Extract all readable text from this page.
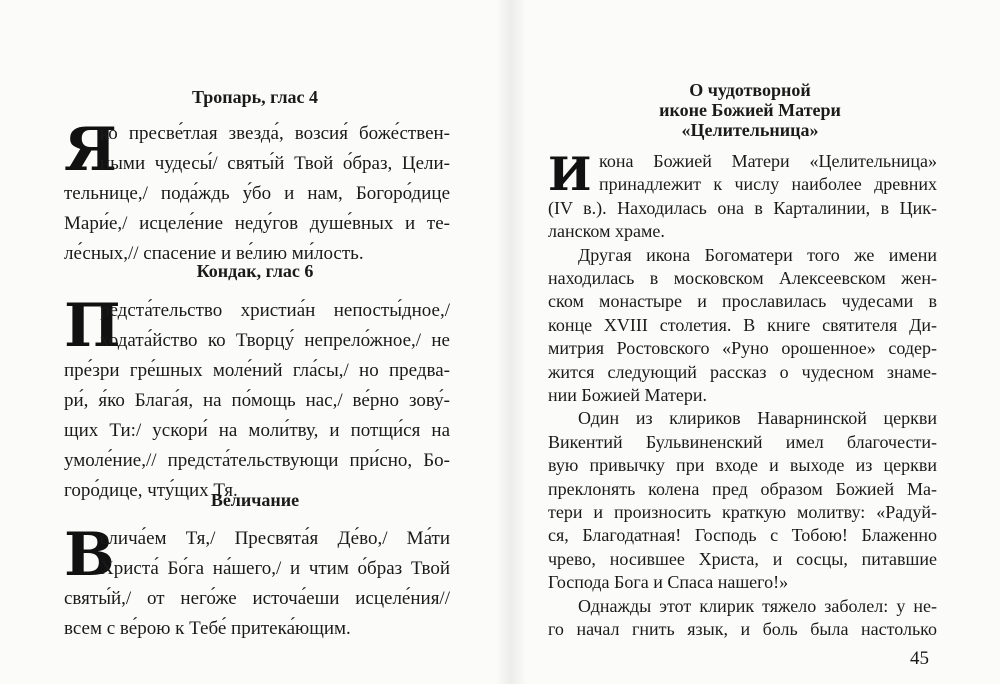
Тропарь, глас 4

Я

ко пресве́тлая звезда́, возсия́ боже́ствен-

ными чудесы́/ святы́й Твой о́браз, Цели-

тельнице,/ пода́ждь у́бо и нам, Богоро́дице

Мари́е,/ исцеле́ние неду́гов душе́вных и те-

ле́сных,// спасение и ве́лию ми́лость.

Кондак, глас 6

П

редста́тельство христиа́н непосты́дное,/

ходата́йство ко Творцу́ непрело́жное,/ не

пре́зри гре́шных моле́ний гла́сы,/ но предва-

ри́, я́ко Блага́я, на по́мощь нас,/ ве́рно зову́-

щих Ти:/ ускори́ на моли́тву, и потщи́ся на

умоле́ние,// предста́тельствующи при́сно, Бо-

горо́дице, чту́щих Тя.

Величание

В

елича́ем Тя,/ Пресвята́я Де́во,/ Ма́ти

Христа́ Бо́га на́шего,/ и чтим о́браз Твой

святы́й,/ от него́же источа́еши исцеле́ния//

всем с ве́рою к Тебе́ притека́ющим.

О чудотворной

иконе Божией Матери

«Целительница»

И кона Божией Матери «Целительница»

принадлежит к числу наиболее древних

(IV в.). Находилась она в Карталинии, в Цик-

ланском храме.

Другая икона Богоматери того же имени

находилась в московском Алексеевском жен-

ском монастыре и прославилась чудесами в

конце XVIII столетия. В книге святителя Ди-

митрия Ростовского «Руно орошенное» содер-

жится следующий рассказ о чудесном знаме-

нии Божией Матери.

Один из клириков Наварнинской церкви

Викентий Бульвиненский имел благочести-

вую привычку при входе и выходе из церкви

преклонять колена пред образом Божией Ма-

тери и произносить краткую молитву: «Радуй-

ся, Благодатная! Господь с Тобою! Блаженно

чрево, носившее Христа, и сосцы, питавшие

Господа Бога и Спаса нашего!»

Однажды этот клирик тяжело заболел: у не-

го начал гнить язык, и боль была настолько

45
